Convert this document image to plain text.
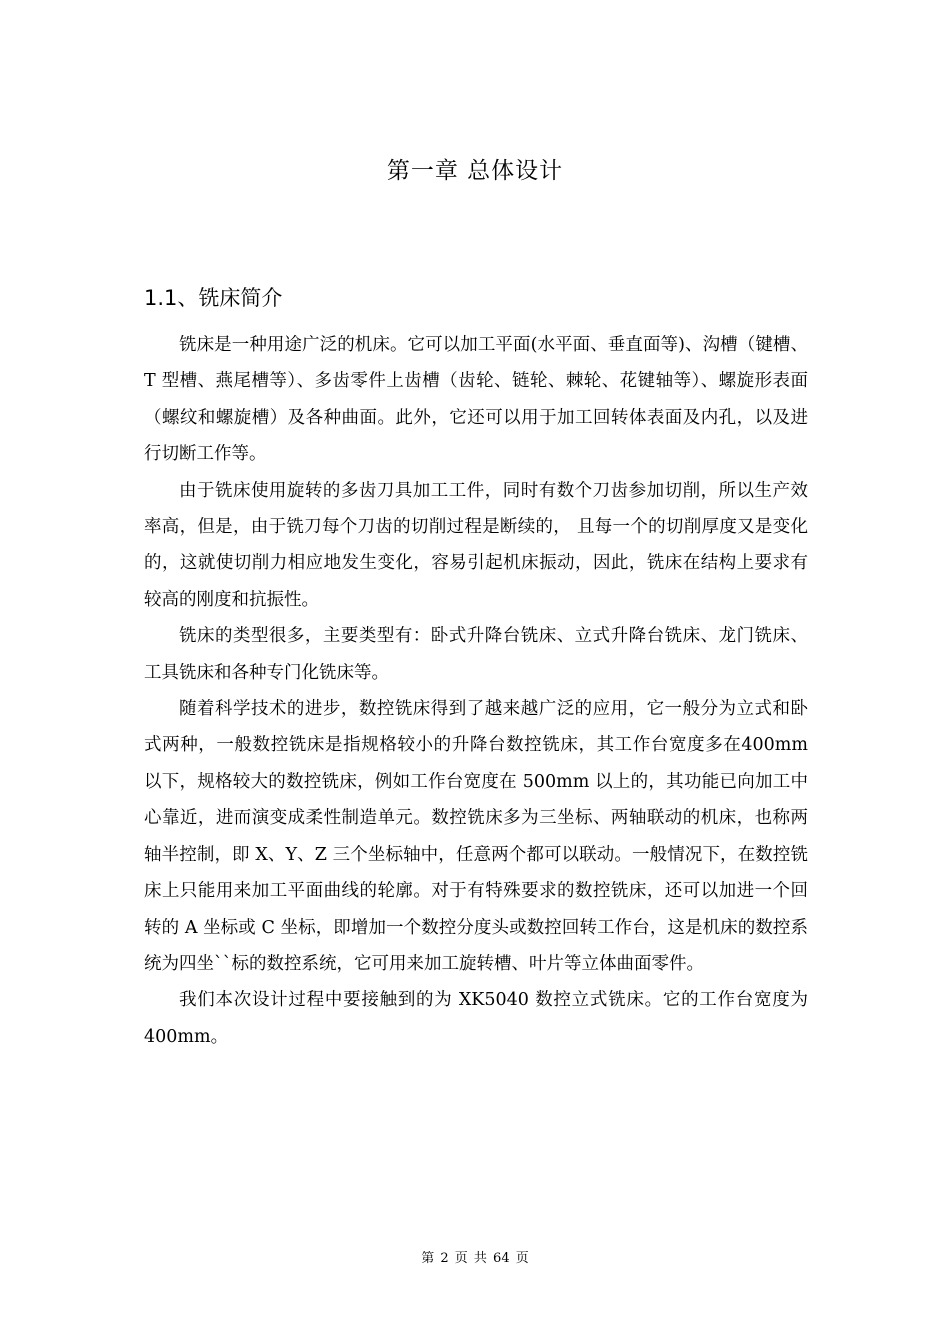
第一章 总体设计
1.1、铣床简介

铣床是一种用途广泛的机床。它可以加工平面(水平面、垂直面等)、沟槽（键槽、T 型槽、燕尾槽等）、多齿零件上齿槽（齿轮、链轮、棘轮、花键轴等）、螺旋形表面（螺纹和螺旋槽）及各种曲面。此外，它还可以用于加工回转体表面及内孔，以及进行切断工作等。

由于铣床使用旋转的多齿刀具加工工件，同时有数个刀齿参加切削，所以生产效率高，但是，由于铣刀每个刀齿的切削过程是断续的， 且每一个的切削厚度又是变化的，这就使切削力相应地发生变化，容易引起机床振动，因此，铣床在结构上要求有较高的刚度和抗振性。

铣床的类型很多，主要类型有：卧式升降台铣床、立式升降台铣床、龙门铣床、工具铣床和各种专门化铣床等。

随着科学技术的进步，数控铣床得到了越来越广泛的应用，它一般分为立式和卧式两种，一般数控铣床是指规格较小的升降台数控铣床，其工作台宽度多在400mm 以下，规格较大的数控铣床，例如工作台宽度在 500mm 以上的，其功能已向加工中心靠近，进而演变成柔性制造单元。数控铣床多为三坐标、两轴联动的机床，也称两轴半控制，即 X、Y、Z 三个坐标轴中，任意两个都可以联动。一般情况下，在数控铣床上只能用来加工平面曲线的轮廓。对于有特殊要求的数控铣床，还可以加进一个回转的 A 坐标或 C 坐标，即增加一个数控分度头或数控回转工作台，这是机床的数控系统为四坐``标的数控系统，它可用来加工旋转槽、叶片等立体曲面零件。

我们本次设计过程中要接触到的为 XK5040 数控立式铣床。它的工作台宽度为 400mm。

第 2 页 共 64 页
